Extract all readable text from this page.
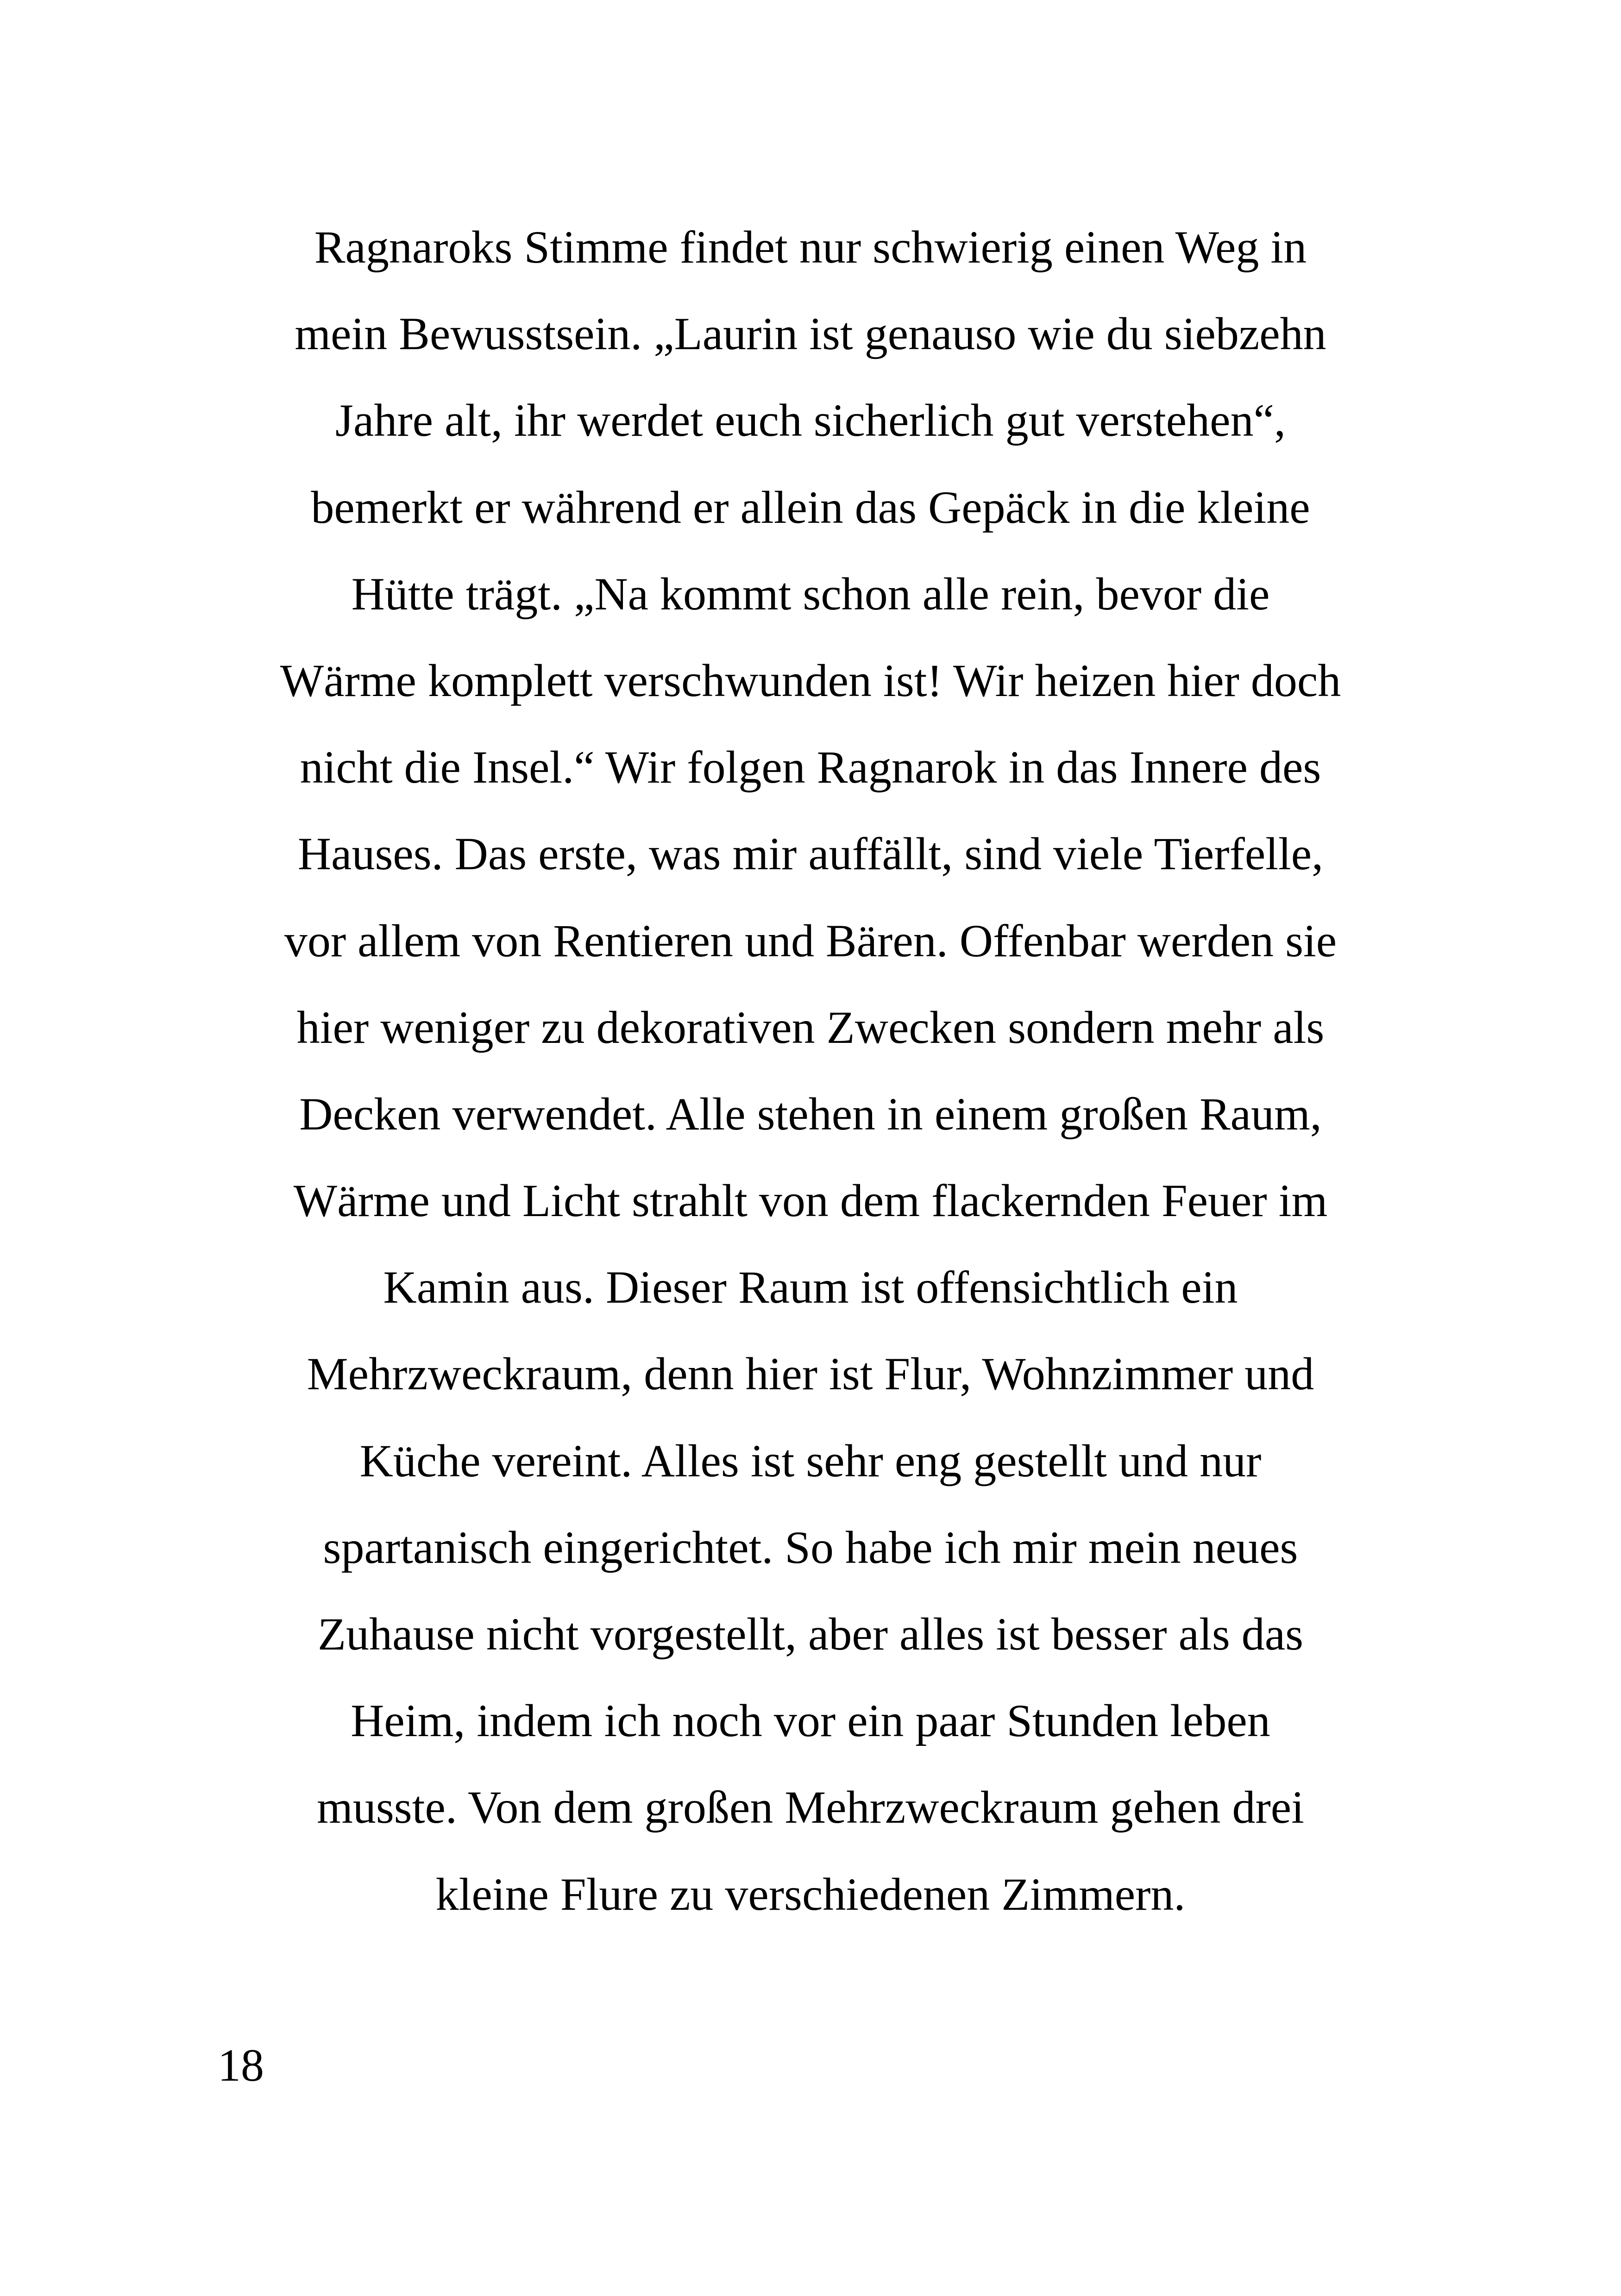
Ragnaroks Stimme findet nur schwierig einen Weg in
mein Bewusstsein. „Laurin ist genauso wie du siebzehn
Jahre alt, ihr werdet euch sicherlich gut verstehen“,
bemerkt er während er allein das Gepäck in die kleine
Hütte trägt. „Na kommt schon alle rein, bevor die
Wärme komplett verschwunden ist! Wir heizen hier doch
nicht die Insel.“ Wir folgen Ragnarok in das Innere des
Hauses. Das erste, was mir auffällt, sind viele Tierfelle,
vor allem von Rentieren und Bären. Offenbar werden sie
hier weniger zu dekorativen Zwecken sondern mehr als
Decken verwendet. Alle stehen in einem großen Raum,
Wärme und Licht strahlt von dem flackernden Feuer im
Kamin aus. Dieser Raum ist offensichtlich ein
Mehrzweckraum, denn hier ist Flur, Wohnzimmer und
Küche vereint. Alles ist sehr eng gestellt und nur
spartanisch eingerichtet. So habe ich mir mein neues
Zuhause nicht vorgestellt, aber alles ist besser als das
Heim, indem ich noch vor ein paar Stunden leben
musste. Von dem großen Mehrzweckraum gehen drei
kleine Flure zu verschiedenen Zimmern.

18
